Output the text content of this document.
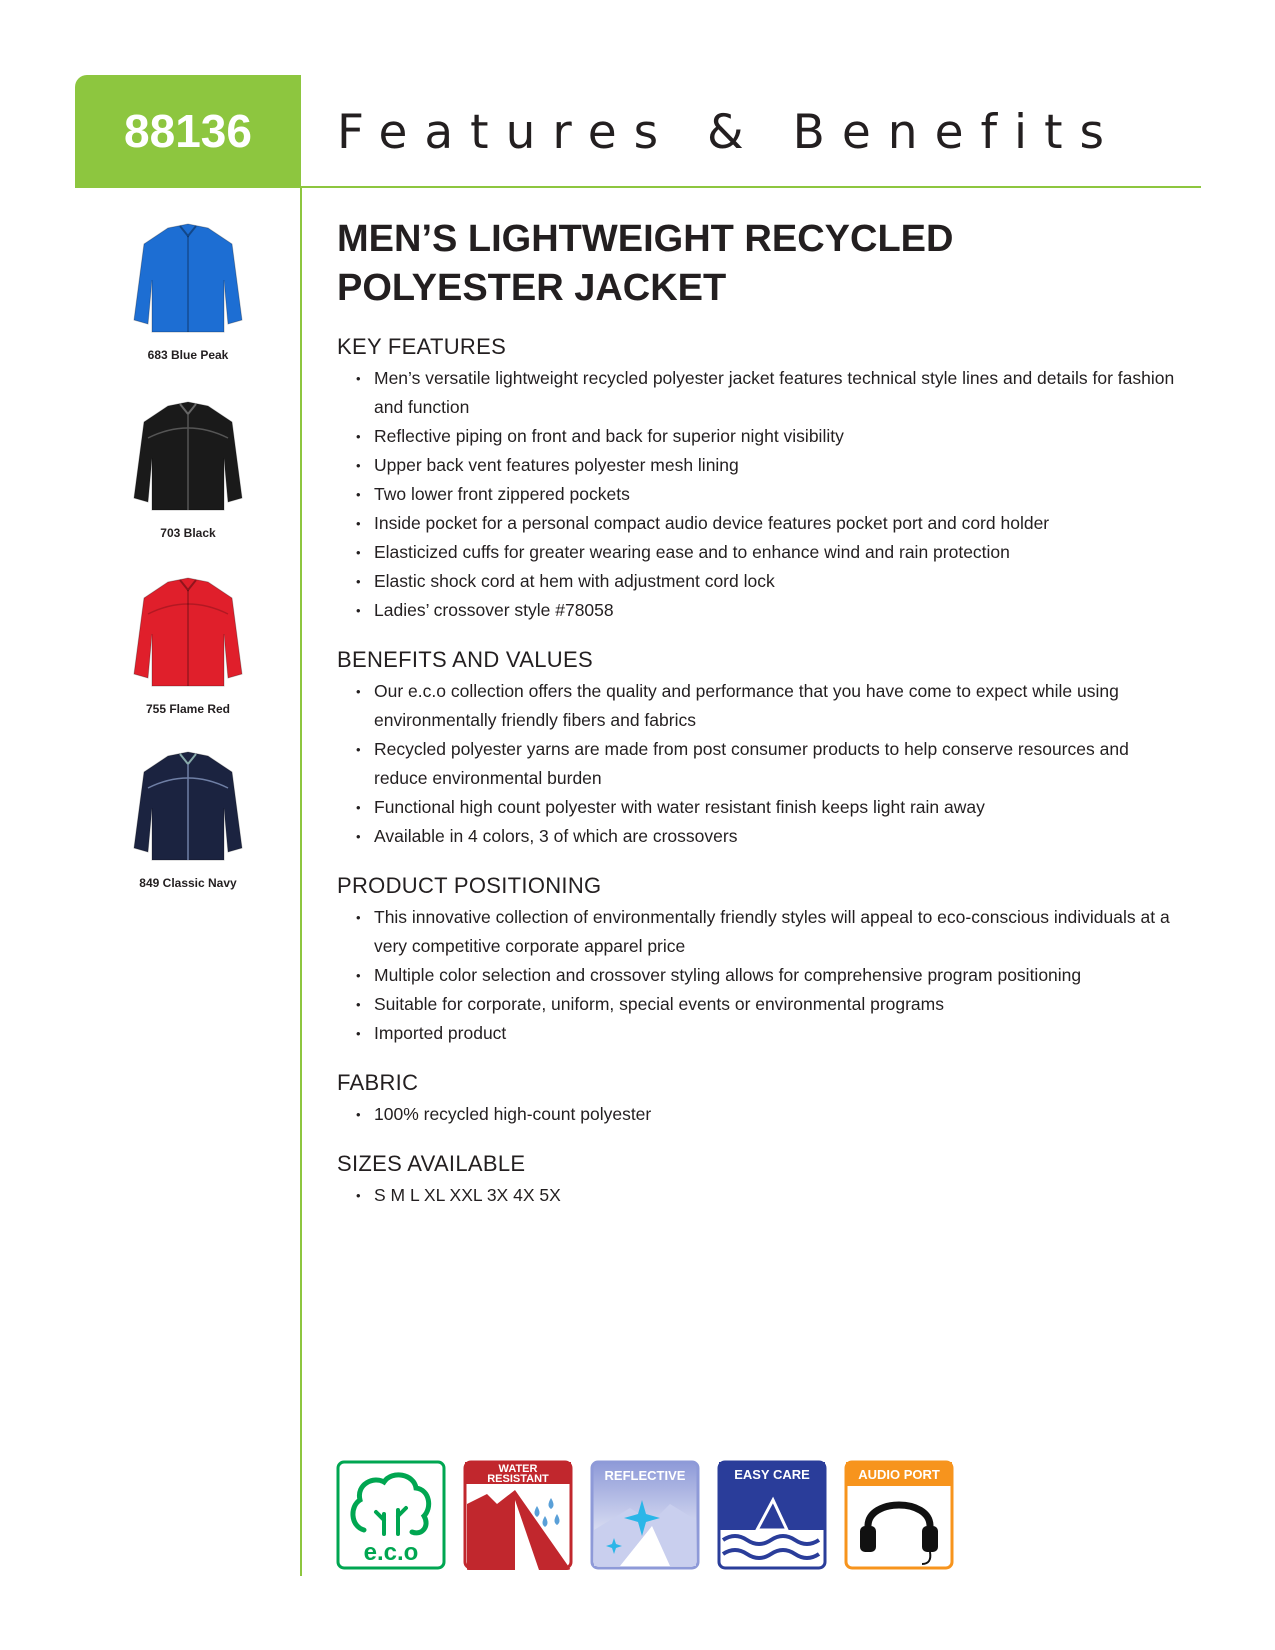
88136	Features & Benefits
683 Blue Peak
703 Black
755 Flame Red
849 Classic Navy
MEN’S LIGHTWEIGHT RECYCLED POLYESTER JACKET
KEY FEATURES
• Men’s versatile lightweight recycled polyester jacket features technical style lines and details for fashion and function
• Reflective piping on front and back for superior night visibility
• Upper back vent features polyester mesh lining
• Two lower front zippered pockets
• Inside pocket for a personal compact audio device features pocket port and cord holder
• Elasticized cuffs for greater wearing ease and to enhance wind and rain protection
• Elastic shock cord at hem with adjustment cord lock
• Ladies’ crossover style #78058
BENEFITS AND VALUES
• Our e.c.o collection offers the quality and performance that you have come to expect while using environmentally friendly fibers and fabrics
• Recycled polyester yarns are made from post consumer products to help conserve resources and reduce environmental burden
• Functional high count polyester with water resistant finish keeps light rain away
• Available in 4 colors, 3 of which are crossovers
PRODUCT POSITIONING
• This innovative collection of environmentally friendly styles will appeal to eco-conscious individuals at a very competitive corporate apparel price
• Multiple color selection and crossover styling allows for comprehensive program positioning
• Suitable for corporate, uniform, special events or environmental programs
• Imported product
FABRIC
• 100% recycled high-count polyester
SIZES AVAILABLE
• S M L XL XXL 3X 4X 5X
e.c.o
WATER
RESISTANT	REFLECTIVE	EASY CARE	AUDIO PORT
